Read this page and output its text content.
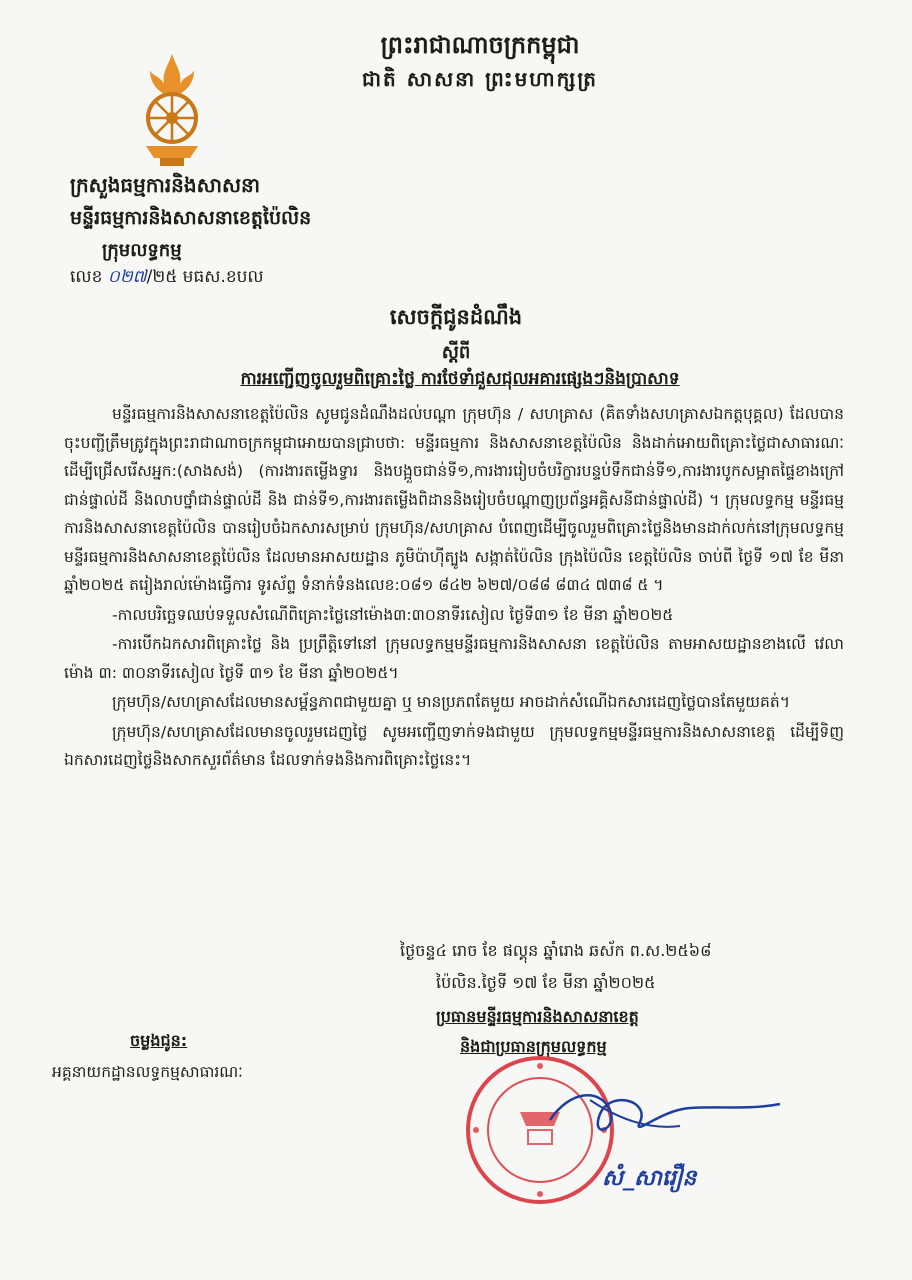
ព្រះរាជាណាចក្រកម្ពុជា
ជាតិ សាសនា ព្រះមហាក្សត្រ
ក្រសួងធម្មការនិងសាសនា
មន្ទីរធម្មការនិងសាសនាខេត្តប៉ៃលិន
ក្រុមលទ្ធកម្ម
លេខ ០២៧/២៥ មធស.ខបល
សេចក្ដីជូនដំណឹង
ស្ដីពី
ការអញ្ជើញចូលរួមពិគ្រោះថ្លៃ ការថែទាំជួសជុលអគារផ្សេងៗនិងប្រាសាទ

មន្ទីរធម្មការនិងសាសនាខេត្តប៉ៃលិន សូមជូនដំណឹងដល់បណ្ដា ក្រុមហ៊ុន / សហគ្រាស (គិតទាំងសហគ្រាសឯកត្តបុគ្គល) ដែលបានចុះបញ្ជីត្រឹមត្រូវក្នុងព្រះរាជាណាចក្រកម្ពុជាអោយបានជ្រាបថា: មន្ទីរធម្មការ និងសាសនាខេត្តប៉ៃលិន និងដាក់អោយពិគ្រោះថ្លៃជាសាធារណៈដើម្បីជ្រើសរើសអ្នក:(សាងសង់) (ការងារតម្លើងទ្វារ និងបង្អួចជាន់ទី១,ការងាររៀបចំបរិក្ខារបន្ទប់ទឹកជាន់ទី១,ការងារបូកសម្អាតផ្ទៃខាងក្រៅជាន់ផ្ទាល់ដី និងលាបថ្នាំជាន់ផ្ទាល់ដី និង ជាន់ទី១,ការងារតម្លើងពិដាននិងរៀបចំបណ្ដាញប្រព័ន្ធអគ្គិសនីជាន់ផ្ទាល់ដី) ។ ក្រុមលទ្ធកម្ម មន្ទីរធម្មការនិងសាសនាខេត្តប៉ៃលិន បានរៀបចំឯកសារសម្រាប់ ក្រុមហ៊ុន/សហគ្រាស បំពេញដើម្បីចូលរួមពិគ្រោះថ្លៃនិងមានដាក់លក់នៅក្រុមលទ្ធកម្ម មន្ទីរធម្មការនិងសាសនាខេត្តប៉ៃលិន ដែលមានអាសយដ្ឋាន ភូមិប៉ាហ៊ីត្បូង សង្កាត់ប៉ៃលិន ក្រុងប៉ៃលិន ខេត្តប៉ៃលិន ចាប់ពី ថ្ងៃទី ១៧ ខែ មីនា ឆ្នាំ២០២៥ តរៀងរាល់ម៉ោងធ្វើការ ទូរស័ព្ទ ទំនាក់ទំនងលេខ:០៨១ ៨៤២ ៦២៧/០៨៨ ៨៣៤ ៧៣៨ ៥ ។

-កាលបរិច្ឆេទឈប់ទទួលសំណើពិគ្រោះថ្លៃនៅម៉ោង៣:៣០នាទីរសៀល ថ្ងៃទី៣១ ខែ មីនា ឆ្នាំ២០២៥

-ការបើកឯកសារពិគ្រោះថ្លៃ និង ប្រព្រឹត្តិទៅនៅ ក្រុមលទ្ធកម្មមន្ទីរធម្មការនិងសាសនា ខេត្តប៉ៃលិន តាមអាសយដ្ឋានខាងលើ វេលាម៉ោង ៣: ៣០នាទីរសៀល ថ្ងៃទី ៣១ ខែ មីនា ឆ្នាំ២០២៥។

ក្រុមហ៊ុន/សហគ្រាសដែលមានសម្ព័ន្ធភាពជាមួយគ្នា ឬ មានប្រភពតែមួយ អាចដាក់សំណើឯកសារដេញថ្លៃបានតែមួយគត់។

ក្រុមហ៊ុន/សហគ្រាសដែលមានចូលរួមដេញថ្លៃ សូមអញ្ជើញទាក់ទងជាមួយ ក្រុមលទ្ធកម្មមន្ទីរធម្មការនិងសាសនាខេត្ត ដើម្បីទិញឯកសារដេញថ្លៃនិងសាកសួរព័ត៌មាន ដែលទាក់ទងនិងការពិគ្រោះថ្លៃនេះ។

ថ្ងៃចន្ទ៤ រោច ខែ ផល្គុន ឆ្នាំរោង ឆស័ក ព.ស.២៥៦៨
ប៉ៃលិន.ថ្ងៃទី ១៧ ខែ មីនា ឆ្នាំ២០២៥
ប្រធានមន្ទីរធម្មការនិងសាសនាខេត្ត
និងជាប្រធានក្រុមលទ្ធកម្ម
ចម្លងជូន:
អគ្គនាយកដ្ឋានលទ្ធកម្មសាធារណៈ
សំ_សារឿន
